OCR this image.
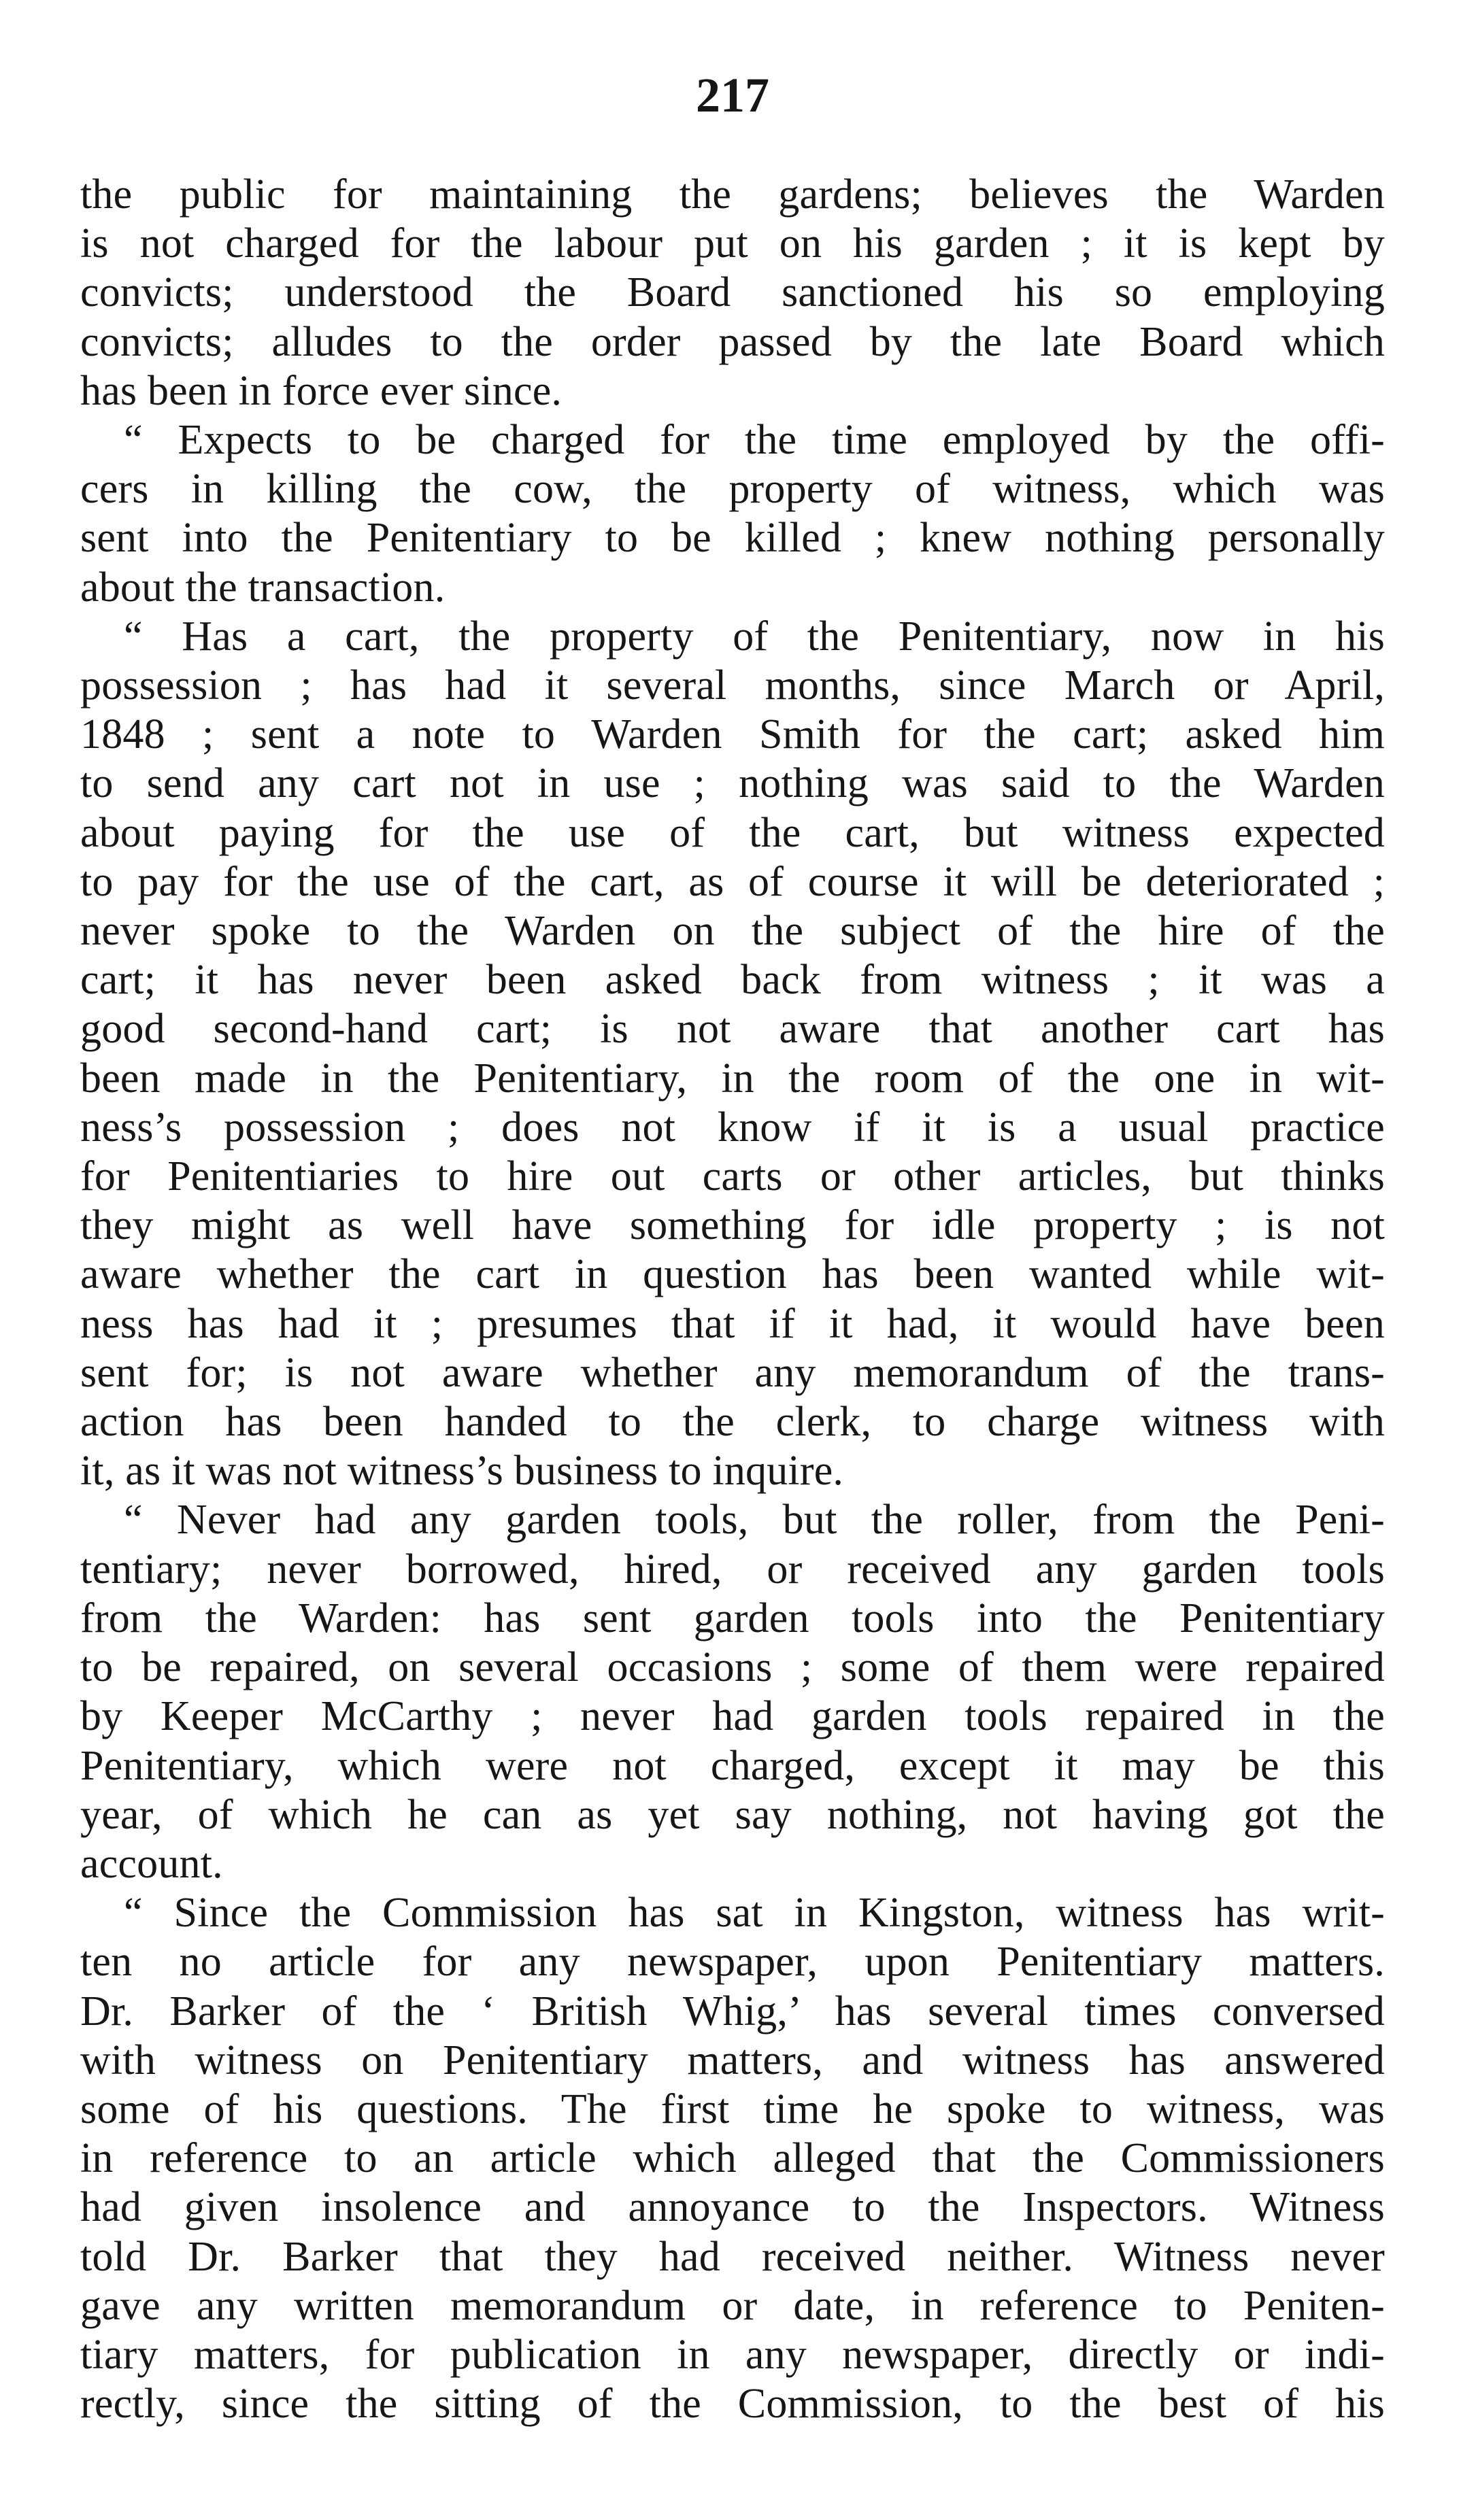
217
the public for maintaining the gardens; believes the Warden
is not charged for the labour put on his garden ; it is kept by
convicts; understood the Board sanctioned his so employing
convicts; alludes to the order passed by the late Board which
has been in force ever since.
“ Expects to be charged for the time employed by the offi-
cers in killing the cow, the property of witness, which was
sent into the Penitentiary to be killed ; knew nothing personally
about the transaction.
“ Has a cart, the property of the Penitentiary, now in his
possession ; has had it several months, since March or April,
1848 ; sent a note to Warden Smith for the cart; asked him
to send any cart not in use ; nothing was said to the Warden
about paying for the use of the cart, but witness expected
to pay for the use of the cart, as of course it will be deteriorated ;
never spoke to the Warden on the subject of the hire of the
cart; it has never been asked back from witness ; it was a
good second-hand cart; is not aware that another cart has
been made in the Penitentiary, in the room of the one in wit-
ness’s possession ; does not know if it is a usual practice
for Penitentiaries to hire out carts or other articles, but thinks
they might as well have something for idle property ; is not
aware whether the cart in question has been wanted while wit-
ness has had it ; presumes that if it had, it would have been
sent for; is not aware whether any memorandum of the trans-
action has been handed to the clerk, to charge witness with
it, as it was not witness’s business to inquire.
“ Never had any garden tools, but the roller, from the Peni-
tentiary; never borrowed, hired, or received any garden tools
from the Warden: has sent garden tools into the Penitentiary
to be repaired, on several occasions ; some of them were repaired
by Keeper McCarthy ; never had garden tools repaired in the
Penitentiary, which were not charged, except it may be this
year, of which he can as yet say nothing, not having got the
account.
“ Since the Commission has sat in Kingston, witness has writ-
ten no article for any newspaper, upon Penitentiary matters.
Dr. Barker of the ‘ British Whig,’ has several times conversed
with witness on Penitentiary matters, and witness has answered
some of his questions. The first time he spoke to witness, was
in reference to an article which alleged that the Commissioners
had given insolence and annoyance to the Inspectors. Witness
told Dr. Barker that they had received neither. Witness never
gave any written memorandum or date, in reference to Peniten-
tiary matters, for publication in any newspaper, directly or indi-
rectly, since the sitting of the Commission, to the best of his
